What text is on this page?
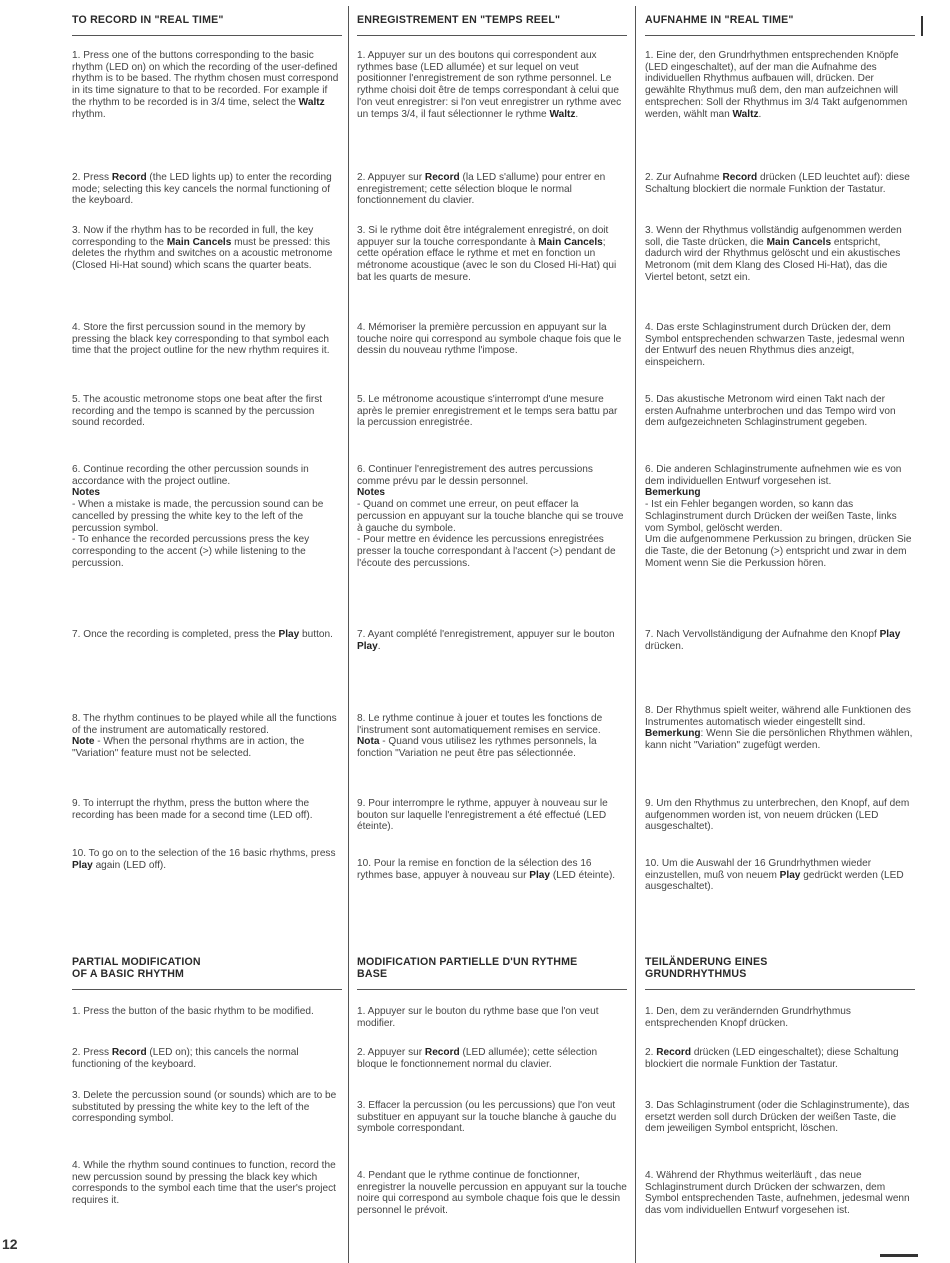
TO RECORD IN "REAL TIME"
1. Press one of the buttons corresponding to the basic rhythm (LED on) on which the recording of the user-defined rhythm is to be based. The rhythm chosen must correspond in its time signature to that to be recorded. For example if the rhythm to be recorded is in 3/4 time, select the Waltz rhythm.
2. Press Record (the LED lights up) to enter the recording mode; selecting this key cancels the normal functioning of the keyboard.
3. Now if the rhythm has to be recorded in full, the key corresponding to the Main Cancels must be pressed: this deletes the rhythm and switches on a acoustic metronome (Closed Hi-Hat sound) which scans the quarter beats.
4. Store the first percussion sound in the memory by pressing the black key corresponding to that symbol each time that the project outline for the new rhythm requires it.
5. The acoustic metronome stops one beat after the first recording and the tempo is scanned by the percussion sound recorded.
6. Continue recording the other percussion sounds in accordance with the project outline.
Notes
- When a mistake is made, the percussion sound can be cancelled by pressing the white key to the left of the percussion symbol.
- To enhance the recorded percussions press the key corresponding to the accent (>) while listening to the percussion.
7. Once the recording is completed, press the Play button.
8. The rhythm continues to be played while all the functions of the instrument are automatically restored.
Note - When the personal rhythms are in action, the "Variation" feature must not be selected.
9. To interrupt the rhythm, press the button where the recording has been made for a second time (LED off).
10. To go on to the selection of the 16 basic rhythms, press Play again (LED off).
PARTIAL MODIFICATION
OF A BASIC RHYTHM
1. Press the button of the basic rhythm to be modified.
2. Press Record (LED on); this cancels the normal functioning of the keyboard.
3. Delete the percussion sound (or sounds) which are to be substituted by pressing the white key to the left of the corresponding symbol.
4. While the rhythm sound continues to function, record the new percussion sound by pressing the black key which corresponds to the symbol each time that the user's project requires it.
ENREGISTREMENT EN "TEMPS REEL"
1. Appuyer sur un des boutons qui correspondent aux rythmes base (LED allumée) et sur lequel on veut positionner l'enregistrement de son rythme personnel. Le rythme choisi doit être de temps correspondant à celui que l'on veut enregistrer: si l'on veut enregistrer un rythme avec un temps 3/4, il faut sélectionner le rythme Waltz.
2. Appuyer sur Record (la LED s'allume) pour entrer en enregistrement; cette sélection bloque le normal fonctionnement du clavier.
3. Si le rythme doit être intégralement enregistré, on doit appuyer sur la touche correspondante à Main Cancels; cette opération efface le rythme et met en fonction un métronome acoustique (avec le son du Closed Hi-Hat) qui bat les quarts de mesure.
4. Mémoriser la première percussion en appuyant sur la touche noire qui correspond au symbole chaque fois que le dessin du nouveau rythme l'impose.
5. Le métronome acoustique s'interrompt d'une mesure après le premier enregistrement et le temps sera battu par la percussion enregistrée.
6. Continuer l'enregistrement des autres percussions comme prévu par le dessin personnel.
Notes
- Quand on commet une erreur, on peut effacer la percussion en appuyant sur la touche blanche qui se trouve à gauche du symbole.
- Pour mettre en évidence les percussions enregistrées presser la touche correspondant à l'accent (>) pendant de l'écoute des percussions.
7. Ayant complété l'enregistrement, appuyer sur le bouton Play.
8. Le rythme continue à jouer et toutes les fonctions de l'instrument sont automatiquement remises en service.
Nota - Quand vous utilisez les rythmes personnels, la fonction "Variation ne peut être pas sélectionnée.
9. Pour interrompre le rythme, appuyer à nouveau sur le bouton sur laquelle l'enregistrement a été effectué (LED éteinte).
10. Pour la remise en fonction de la sélection des 16 rythmes base, appuyer à nouveau sur Play (LED éteinte).
MODIFICATION PARTIELLE D'UN RYTHME
BASE
1. Appuyer sur le bouton du rythme base que l'on veut modifier.
2. Appuyer sur Record (LED allumée); cette sélection bloque le fonctionnement normal du clavier.
3. Effacer la percussion (ou les percussions) que l'on veut substituer en appuyant sur la touche blanche à gauche du symbole correspondant.
4. Pendant que le rythme continue de fonctionner, enregistrer la nouvelle percussion en appuyant sur la touche noire qui correspond au symbole chaque fois que le dessin personnel le prévoit.
AUFNAHME IN "REAL TIME"
1. Eine der, den Grundrhythmen entsprechenden Knöpfe (LED eingeschaltet), auf der man die Aufnahme des individuellen Rhythmus aufbauen will, drücken. Der gewählte Rhythmus muß dem, den man aufzeichnen will entsprechen: Soll der Rhythmus im 3/4 Takt aufgenommen werden, wählt man Waltz.
2. Zur Aufnahme Record drücken (LED leuchtet auf): diese Schaltung blockiert die normale Funktion der Tastatur.
3. Wenn der Rhythmus vollständig aufgenommen werden soll, die Taste drücken, die Main Cancels entspricht, dadurch wird der Rhythmus gelöscht und ein akustisches Metronom (mit dem Klang des Closed Hi-Hat), das die Viertel betont, setzt ein.
4. Das erste Schlaginstrument durch Drücken der, dem Symbol entsprechenden schwarzen Taste, jedesmal wenn der Entwurf des neuen Rhythmus dies anzeigt, einspeichern.
5. Das akustische Metronom wird einen Takt nach der ersten Aufnahme unterbrochen und das Tempo wird von dem aufgezeichneten Schlaginstrument gegeben.
6. Die anderen Schlaginstrumente aufnehmen wie es von dem individuellen Entwurf vorgesehen ist.
Bemerkung
- Ist ein Fehler begangen worden, so kann das Schlaginstrument durch Drücken der weißen Taste, links vom Symbol, gelöscht werden.
Um die aufgenommene Perkussion zu bringen, drücken Sie die Taste, die der Betonung (>) entspricht und zwar in dem Moment wenn Sie die Perkussion hören.
7. Nach Vervollständigung der Aufnahme den Knopf Play drücken.
8. Der Rhythmus spielt weiter, während alle Funktionen des Instrumentes automatisch wieder eingestellt sind.
Bemerkung: Wenn Sie die persönlichen Rhythmen wählen, kann nicht "Variation" zugefügt werden.
9. Um den Rhythmus zu unterbrechen, den Knopf, auf dem aufgenommen worden ist, von neuem drücken (LED ausgeschaltet).
10. Um die Auswahl der 16 Grundrhythmen wieder einzustellen, muß von neuem Play gedrückt werden (LED ausgeschaltet).
TEILÄNDERUNG EINES
GRUNDRHYTHMUS
1. Den, dem zu verändernden Grundrhythmus entsprechenden Knopf drücken.
2. Record drücken (LED eingeschaltet); diese Schaltung blockiert die normale Funktion der Tastatur.
3. Das Schlaginstrument (oder die Schlaginstrumente), das ersetzt werden soll durch Drücken der weißen Taste, die dem jeweiligen Symbol entspricht, löschen.
4. Während der Rhythmus weiterläuft , das neue Schlaginstrument durch Drücken der schwarzen, dem Symbol entsprechenden Taste, aufnehmen, jedesmal wenn das vom individuellen Entwurf vorgesehen ist.
12
